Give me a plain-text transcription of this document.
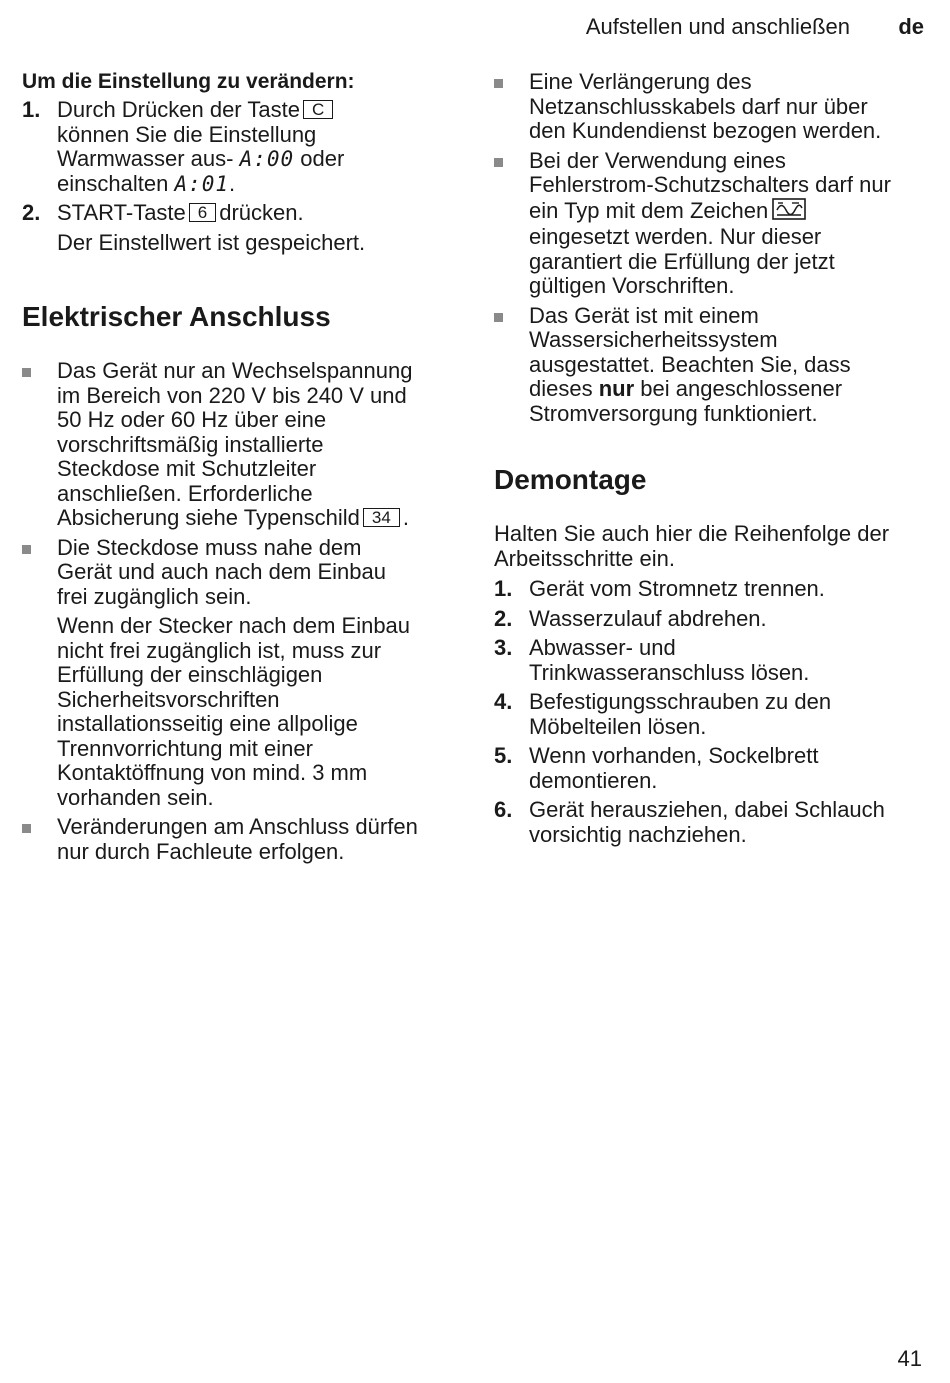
Aufstellen und anschließen de

Um die Einstellung zu verändern:

1. Durch Drücken der Taste C
können Sie die Einstellung
Warmwasser aus- A:00 oder
einschalten A:01.
2. START-Taste 6 drücken.
Der Einstellwert ist gespeichert.
Elektrischer Anschluss
Das Gerät nur an Wechselspannung
im Bereich von 220 V bis 240 V und
50 Hz oder 60 Hz über eine
vorschriftsmäßig installierte
Steckdose mit Schutzleiter
anschließen. Erforderliche
Absicherung siehe Typenschild 34 .
Die Steckdose muss nahe dem
Gerät und auch nach dem Einbau
frei zugänglich sein.
Wenn der Stecker nach dem Einbau
nicht frei zugänglich ist, muss zur
Erfüllung der einschlägigen
Sicherheitsvorschriften
installationsseitig eine allpolige
Trennvorrichtung mit einer
Kontaktöffnung von mind. 3 mm
vorhanden sein.
Veränderungen am Anschluss dürfen
nur durch Fachleute erfolgen.
Eine Verlängerung des
Netzanschlusskabels darf nur über
den Kundendienst bezogen werden.
Bei der Verwendung eines
Fehlerstrom-Schutzschalters darf nur
ein Typ mit dem Zeichen
eingesetzt werden. Nur dieser
garantiert die Erfüllung der jetzt
gültigen Vorschriften.
Das Gerät ist mit einem
Wassersicherheitssystem
ausgestattet. Beachten Sie, dass
dieses nur bei angeschlossener
Stromversorgung funktioniert.
Demontage
Halten Sie auch hier die Reihenfolge der
Arbeitsschritte ein.
1. Gerät vom Stromnetz trennen.
2. Wasserzulauf abdrehen.
3. Abwasser- und
Trinkwasseranschluss lösen.
4. Befestigungsschrauben zu den
Möbelteilen lösen.
5. Wenn vorhanden, Sockelbrett
demontieren.
6. Gerät herausziehen, dabei Schlauch
vorsichtig nachziehen.
41
